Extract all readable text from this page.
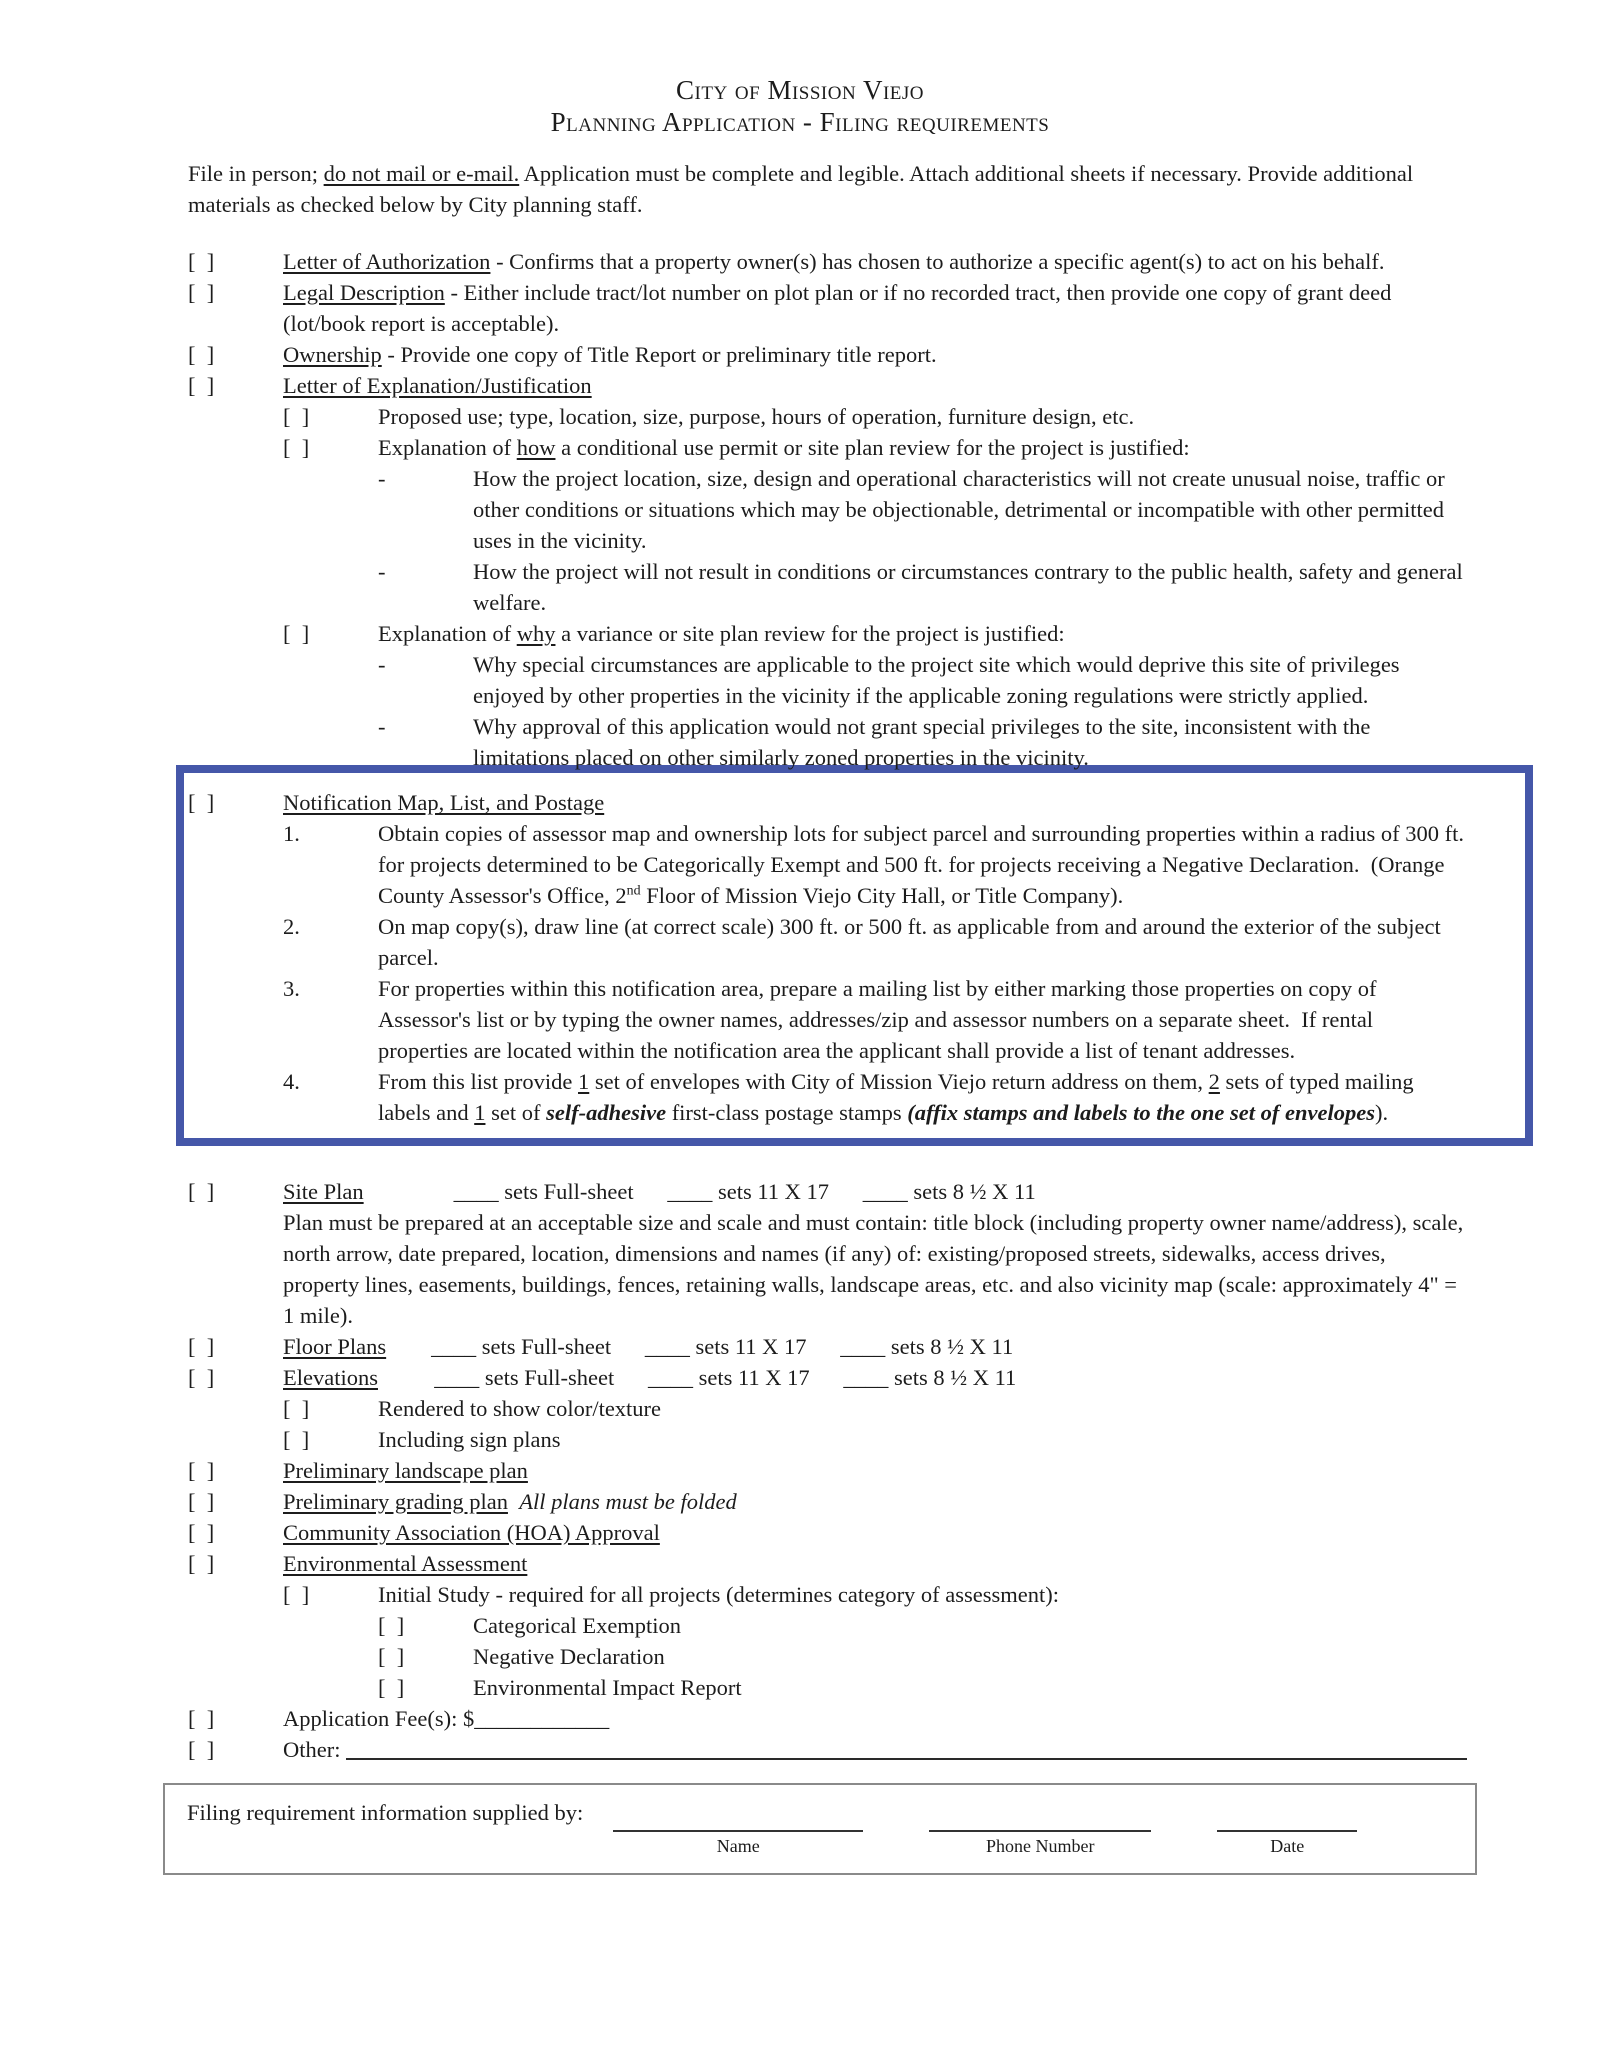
City of Mission Viejo
Planning Application - Filing requirements
File in person; do not mail or e-mail. Application must be complete and legible. Attach additional sheets if necessary. Provide additional materials as checked below by City planning staff.
[  ]	Letter of Authorization - Confirms that a property owner(s) has chosen to authorize a specific agent(s) to act on his behalf.
[  ]	Legal Description - Either include tract/lot number on plot plan or if no recorded tract, then provide one copy of grant deed (lot/book report is acceptable).
[  ]	Ownership - Provide one copy of Title Report or preliminary title report.
[  ]	Letter of Explanation/Justification
[  ]	Proposed use; type, location, size, purpose, hours of operation, furniture design, etc.
[  ]	Explanation of how a conditional use permit or site plan review for the project is justified:
-	How the project location, size, design and operational characteristics will not create unusual noise, traffic or other conditions or situations which may be objectionable, detrimental or incompatible with other permitted uses in the vicinity.
-	How the project will not result in conditions or circumstances contrary to the public health, safety and general welfare.
[  ]	Explanation of why a variance or site plan review for the project is justified:
-	Why special circumstances are applicable to the project site which would deprive this site of privileges enjoyed by other properties in the vicinity if the applicable zoning regulations were strictly applied.
-	Why approval of this application would not grant special privileges to the site, inconsistent with the limitations placed on other similarly zoned properties in the vicinity.
[  ]	Notification Map, List, and Postage
1.	Obtain copies of assessor map and ownership lots for subject parcel and surrounding properties within a radius of 300 ft. for projects determined to be Categorically Exempt and 500 ft. for projects receiving a Negative Declaration.  (Orange County Assessor's Office, 2nd Floor of Mission Viejo City Hall, or Title Company).
2.	On map copy(s), draw line (at correct scale) 300 ft. or 500 ft. as applicable from and around the exterior of the subject parcel.
3.	For properties within this notification area, prepare a mailing list by either marking those properties on copy of Assessor's list or by typing the owner names, addresses/zip and assessor numbers on a separate sheet.  If rental properties are located within the notification area the applicant shall provide a list of tenant addresses.
4.	From this list provide 1 set of envelopes with City of Mission Viejo return address on them, 2 sets of typed mailing labels and 1 set of self-adhesive first-class postage stamps (affix stamps and labels to the one set of envelopes).
[  ]	Site Plan                ____ sets Full-sheet      ____ sets 11 X 17      ____ sets 8 ½ X 11
Plan must be prepared at an acceptable size and scale and must contain: title block (including property owner name/address), scale, north arrow, date prepared, location, dimensions and names (if any) of: existing/proposed streets, sidewalks, access drives, property lines, easements, buildings, fences, retaining walls, landscape areas, etc. and also vicinity map (scale: approximately 4" = 1 mile).
[  ]	Floor Plans        ____ sets Full-sheet      ____ sets 11 X 17      ____ sets 8 ½ X 11
[  ]	Elevations          ____ sets Full-sheet      ____ sets 11 X 17      ____ sets 8 ½ X 11
[  ]	Rendered to show color/texture
[  ]	Including sign plans
[  ]	Preliminary landscape plan
[  ]	Preliminary grading plan All plans must be folded
[  ]	Community Association (HOA) Approval
[  ]	Environmental Assessment
[  ]	Initial Study - required for all projects (determines category of assessment):
[  ]	Categorical Exemption
[  ]	Negative Declaration
[  ]	Environmental Impact Report
[  ]	Application Fee(s): $____________
[  ]	Other:
Filing requirement information supplied by:
Name	Phone Number	Date
